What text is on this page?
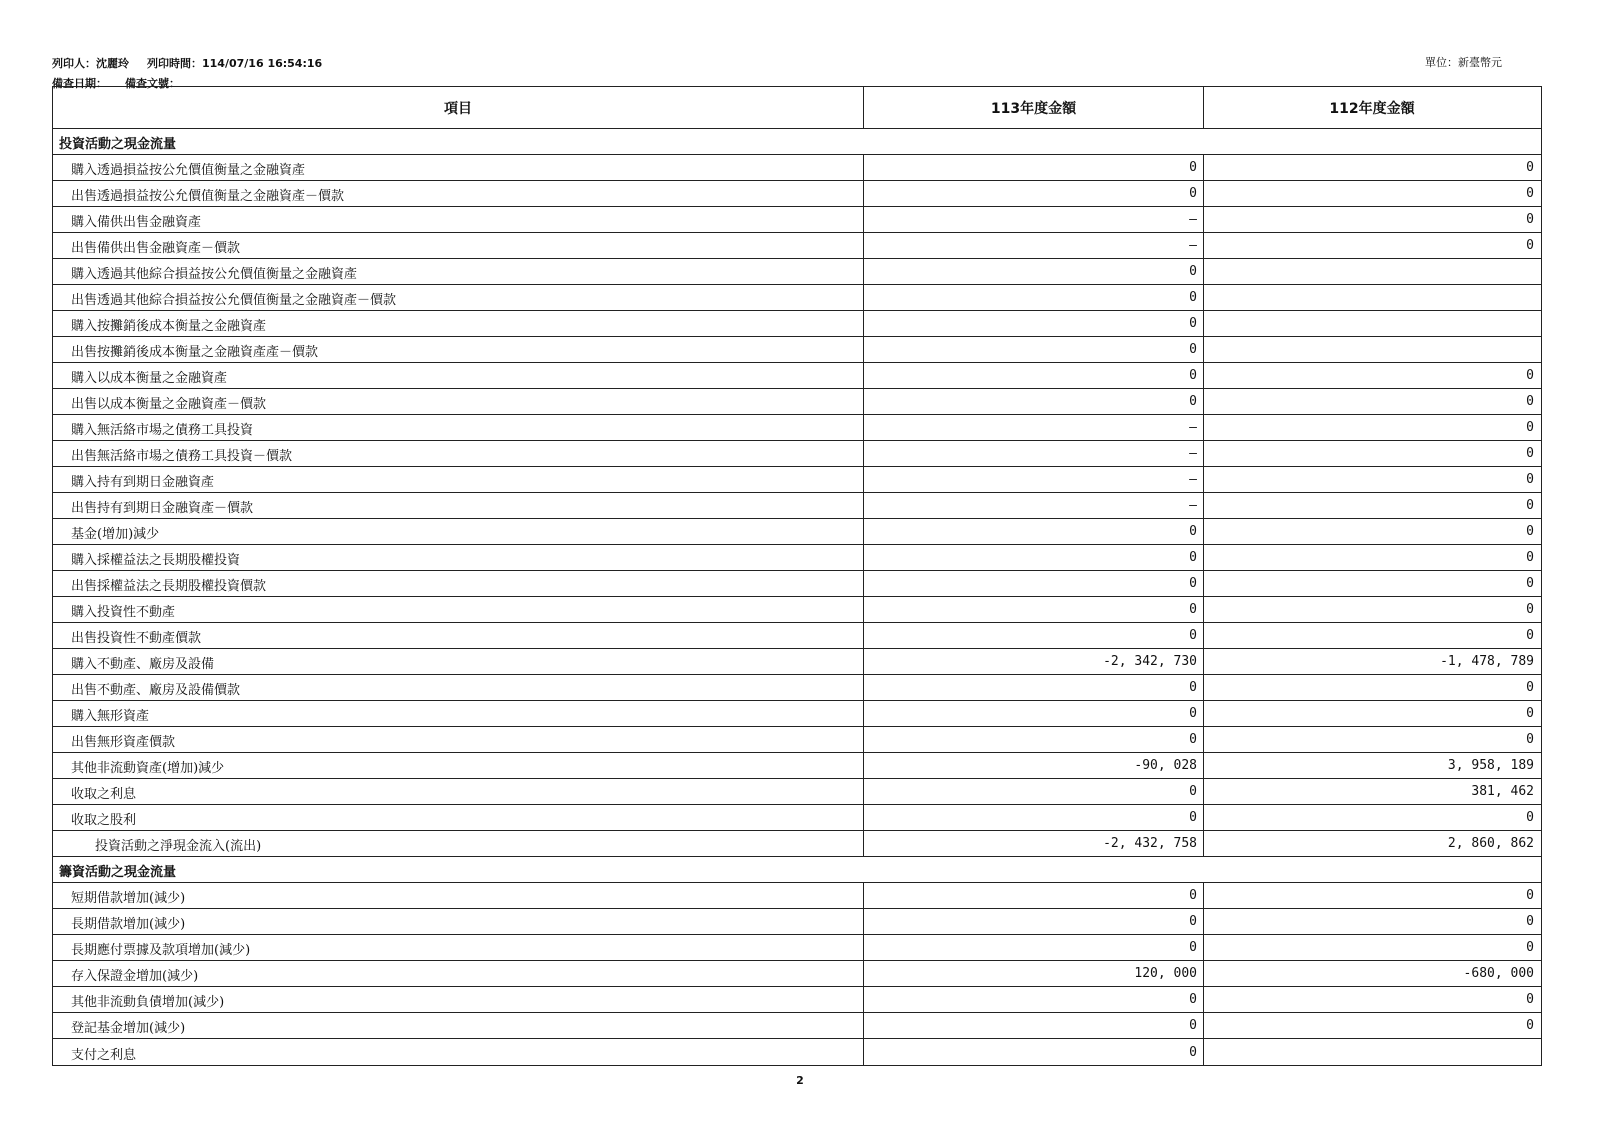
列印人：沈麗玲 列印時間：114/07/16 16:54:16
備查日期： 備查文號：
單位：新臺幣元
項目	113年度金額	112年度金額
投資活動之現金流量
購入透過損益按公允價值衡量之金融資產	0	0
出售透過損益按公允價值衡量之金融資產－價款	0	0
購入備供出售金融資產	—	0
出售備供出售金融資產－價款	—	0
購入透過其他綜合損益按公允價值衡量之金融資產	0
出售透過其他綜合損益按公允價值衡量之金融資產－價款	0
購入按攤銷後成本衡量之金融資產	0
出售按攤銷後成本衡量之金融資產產－價款	0
購入以成本衡量之金融資產	0	0
出售以成本衡量之金融資產－價款	0	0
購入無活絡市場之債務工具投資	—	0
出售無活絡市場之債務工具投資－價款	—	0
購入持有到期日金融資產	—	0
出售持有到期日金融資產－價款	—	0
基金(增加)減少	0	0
購入採權益法之長期股權投資	0	0
出售採權益法之長期股權投資價款	0	0
購入投資性不動產	0	0
出售投資性不動產價款	0	0
購入不動產、廠房及設備	-2, 342, 730	-1, 478, 789
出售不動產、廠房及設備價款	0	0
購入無形資產	0	0
出售無形資產價款	0	0
其他非流動資產(增加)減少	-90, 028	3, 958, 189
收取之利息	0	381, 462
收取之股利	0	0
投資活動之淨現金流入(流出)	-2, 432, 758	2, 860, 862
籌資活動之現金流量
短期借款增加(減少)	0	0
長期借款增加(減少)	0	0
長期應付票據及款項增加(減少)	0	0
存入保證金增加(減少)	120, 000	-680, 000
其他非流動負債增加(減少)	0	0
登記基金增加(減少)	0	0
支付之利息	0
2
